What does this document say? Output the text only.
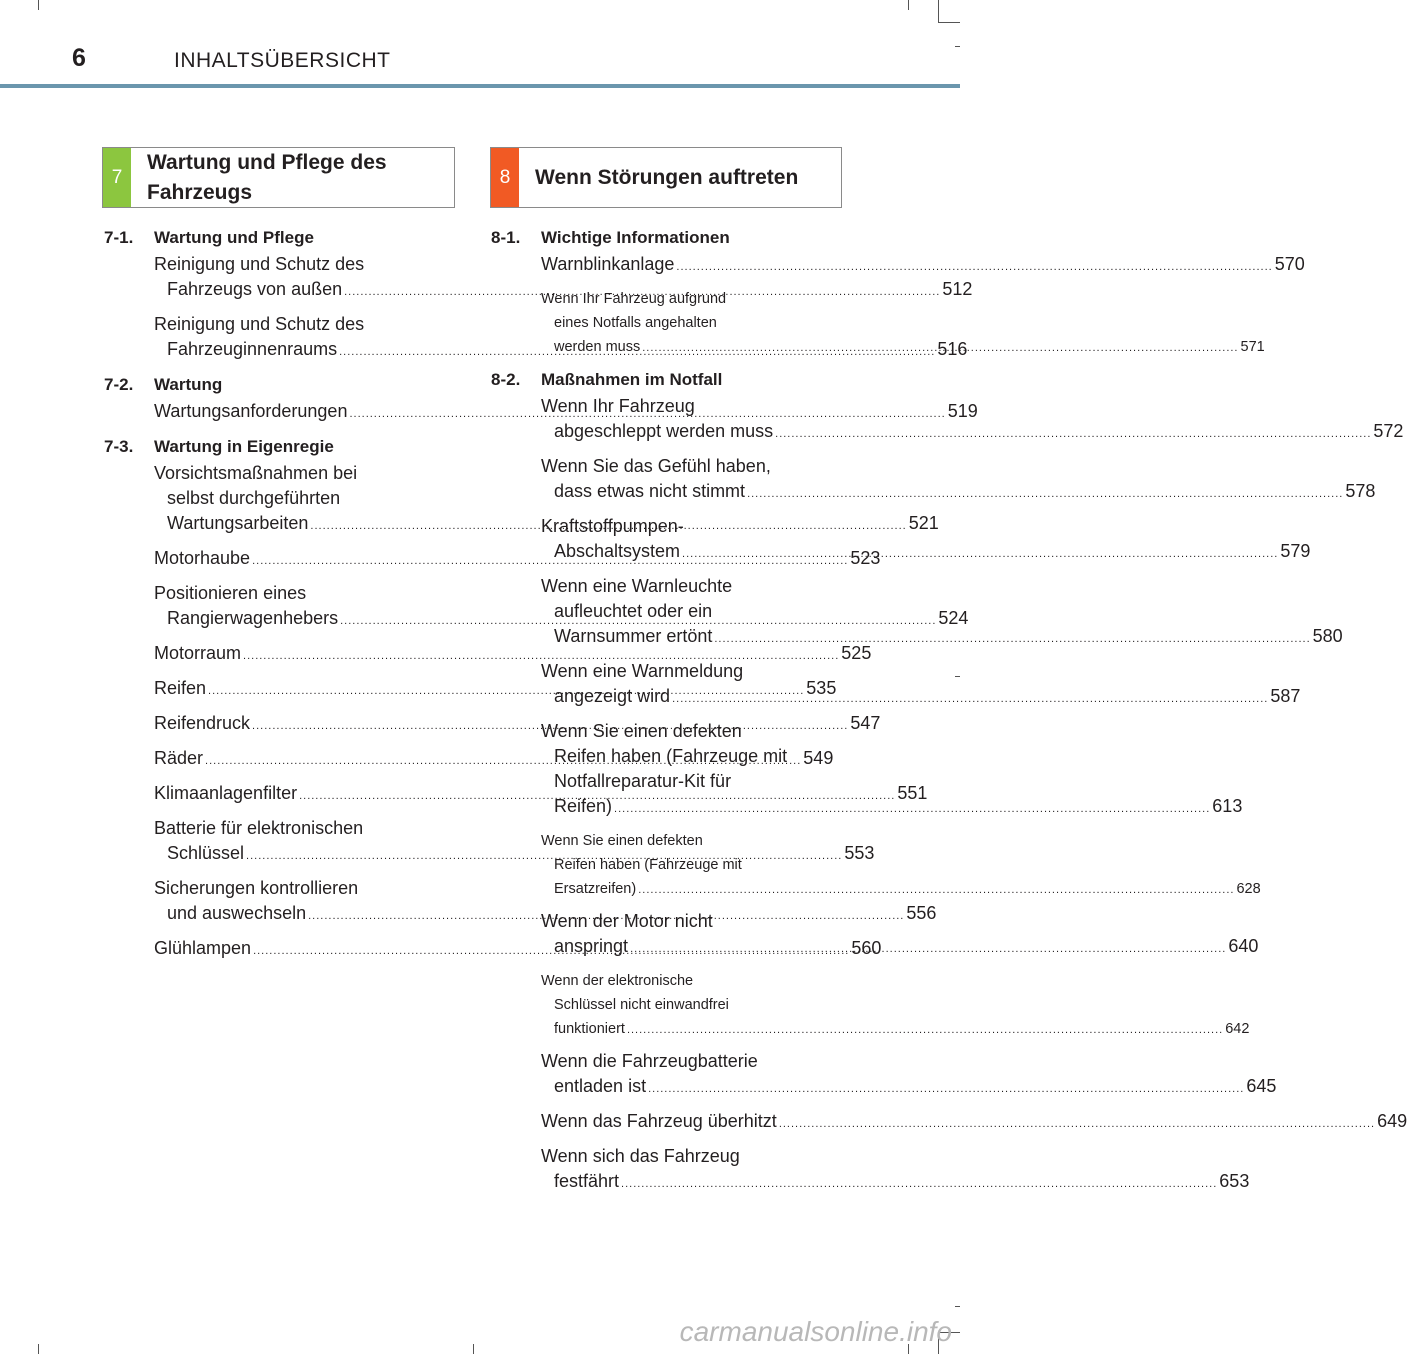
6	INHALTSÜBERSICHT
7
Wartung und Pflege des Fahrzeugs
8	Wenn Störungen auftreten
7-1.	Wartung und Pflege
Reinigung und Schutz des
Fahrzeugs von außen .....	512
Reinigung und Schutz des
Fahrzeuginnenraums .....	516
7-2.	Wartung
Wartungsanforderungen .....	519
7-3.	Wartung in Eigenregie
Vorsichtsmaßnahmen bei
selbst durchgeführten
Wartungsarbeiten .....	521
Motorhaube .....	523
Positionieren eines
Rangierwagenhebers .....	524
Motorraum .....	525
Reifen .....	535
Reifendruck .....	547
Räder .....	549
Klimaanlagenfilter .....	551
Batterie für elektronischen
Schlüssel .....	553
Sicherungen kontrollieren
und auswechseln .....	556
Glühlampen .....	560
8-1.	Wichtige Informationen
Warnblinkanlage .....	570
Wenn Ihr Fahrzeug aufgrund
eines Notfalls angehalten
werden muss .....	571
8-2.	Maßnahmen im Notfall
Wenn Ihr Fahrzeug
abgeschleppt werden muss .....	572
Wenn Sie das Gefühl haben,
dass etwas nicht stimmt .....	578
Kraftstoffpumpen-
Abschaltsystem .....	579
Wenn eine Warnleuchte
aufleuchtet oder ein
Warnsummer ertönt .....	580
Wenn eine Warnmeldung
angezeigt wird .....	587
Wenn Sie einen defekten
Reifen haben (Fahrzeuge mit
Notfallreparatur-Kit für
Reifen) .....	613
Wenn Sie einen defekten
Reifen haben (Fahrzeuge mit
Ersatzreifen) .....	628
Wenn der Motor nicht
anspringt .....	640
Wenn der elektronische
Schlüssel nicht einwandfrei
funktioniert .....	642
Wenn die Fahrzeugbatterie
entladen ist .....	645
Wenn das Fahrzeug überhitzt .....	649
Wenn sich das Fahrzeug
festfährt .....	653
carmanualsonline.info
